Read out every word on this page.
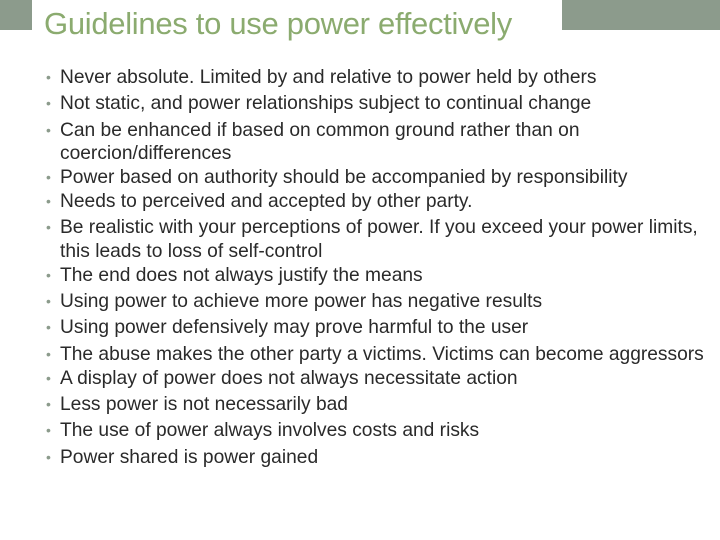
Guidelines to use power effectively
• Never absolute. Limited by and relative to power held by others
• Not static, and power relationships subject to continual change
• Can be enhanced if based on common ground rather than on coercion/differences
• Power based on authority should be accompanied by responsibility
• Needs to perceived and accepted by other party.
• Be realistic with your perceptions of power. If you exceed your power limits, this leads to loss of self-control
• The end does not always justify the means
• Using power to achieve more power has negative results
• Using power defensively may prove harmful to the user
• The abuse makes the other party a victims. Victims can become aggressors
• A display of power does not always necessitate action
• Less power is not necessarily bad
• The use of power always involves costs and risks
• Power shared is power gained
